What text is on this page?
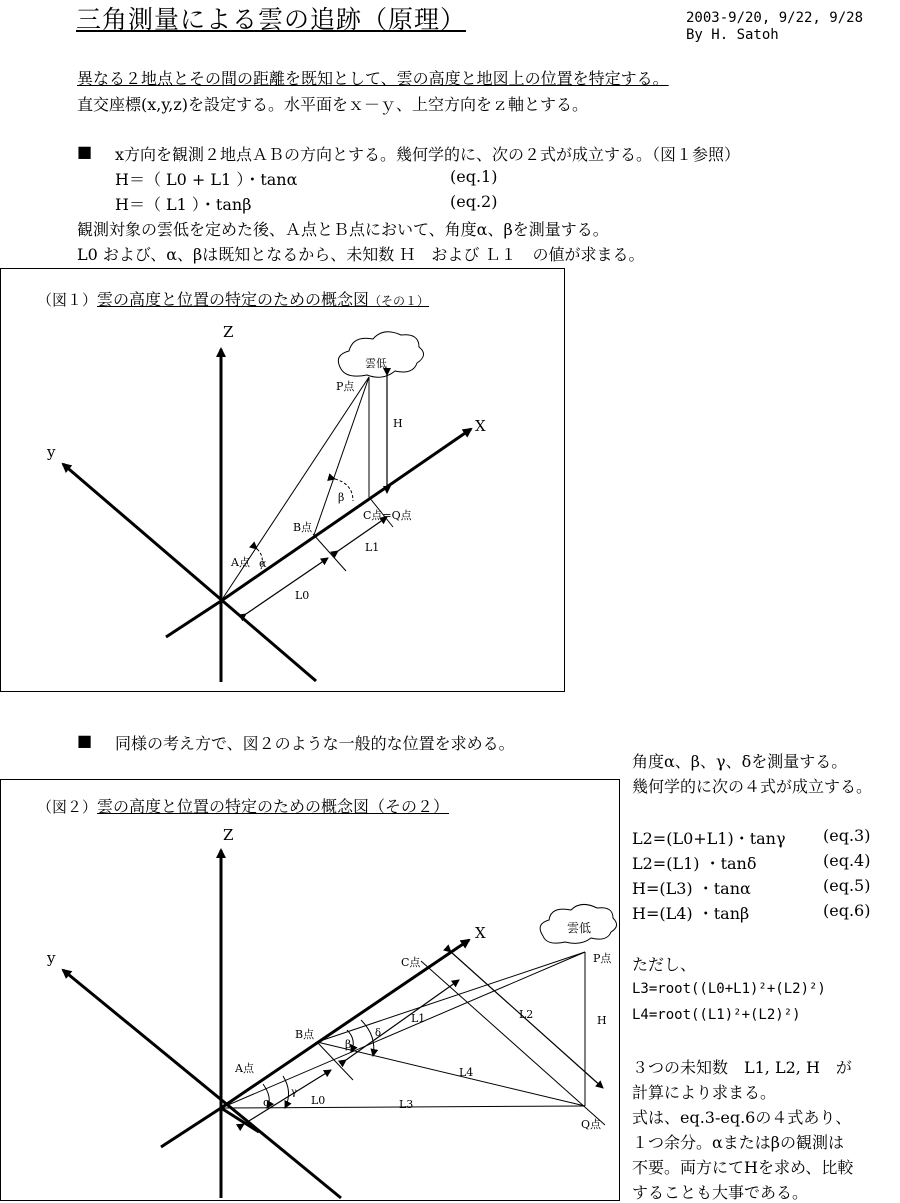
三角測量による雲の追跡（原理）	2003-9/20, 9/22, 9/28
By H. Satoh
異なる２地点とその間の距離を既知として、雲の高度と地図上の位置を特定する。
直交座標(x,y,z)を設定する。水平面をｘ－ｙ、上空方向をｚ軸とする。
■ x方向を観測２地点ＡＢの方向とする。幾何学的に、次の２式が成立する。（図１参照）
H＝（ L0 + L1 ）・tanα	(eq.1)
H＝（ L1 ）・tanβ	(eq.2)
観測対象の雲低を定めた後、Ａ点とＢ点において、角度α、βを測量する。
L0 および、α、βは既知となるから、未知数 Ｈ　および Ｌ１　の値が求まる。
（図１）雲の高度と位置の特定のための概念図（その１）
Z
X
y
雲低
P点
H
C点=Q点
B点
A点 α
β
L0
L1
■ 同様の考え方で、図２のような一般的な位置を求める。
角度α、β、γ、δを測量する。
幾何学的に次の４式が成立する。
L2=(L0+L1)・tanγ (eq.3)
L2=(L1) ・tanδ	(eq.4)
H=(L3) ・tanα	(eq.5)
H=(L4) ・tanβ	(eq.6)
ただし、
L3=root((L0+L1)²+(L2)²)
L4=root((L1)²+(L2)²)
３つの未知数　L1, L2, H　が
計算により求まる。
式は、eq.3-eq.6の４式あり、
１つ余分。αまたはβの観測は
不要。両方にてHを求め、比較
することも大事である。
（図２）雲の高度と位置の特定のための概念図（その２）
Z
X
y
雲低
C点	P点
H
B点
A点
Q点
L0
L1	L2
L3
L4
α
γ
β
δ
